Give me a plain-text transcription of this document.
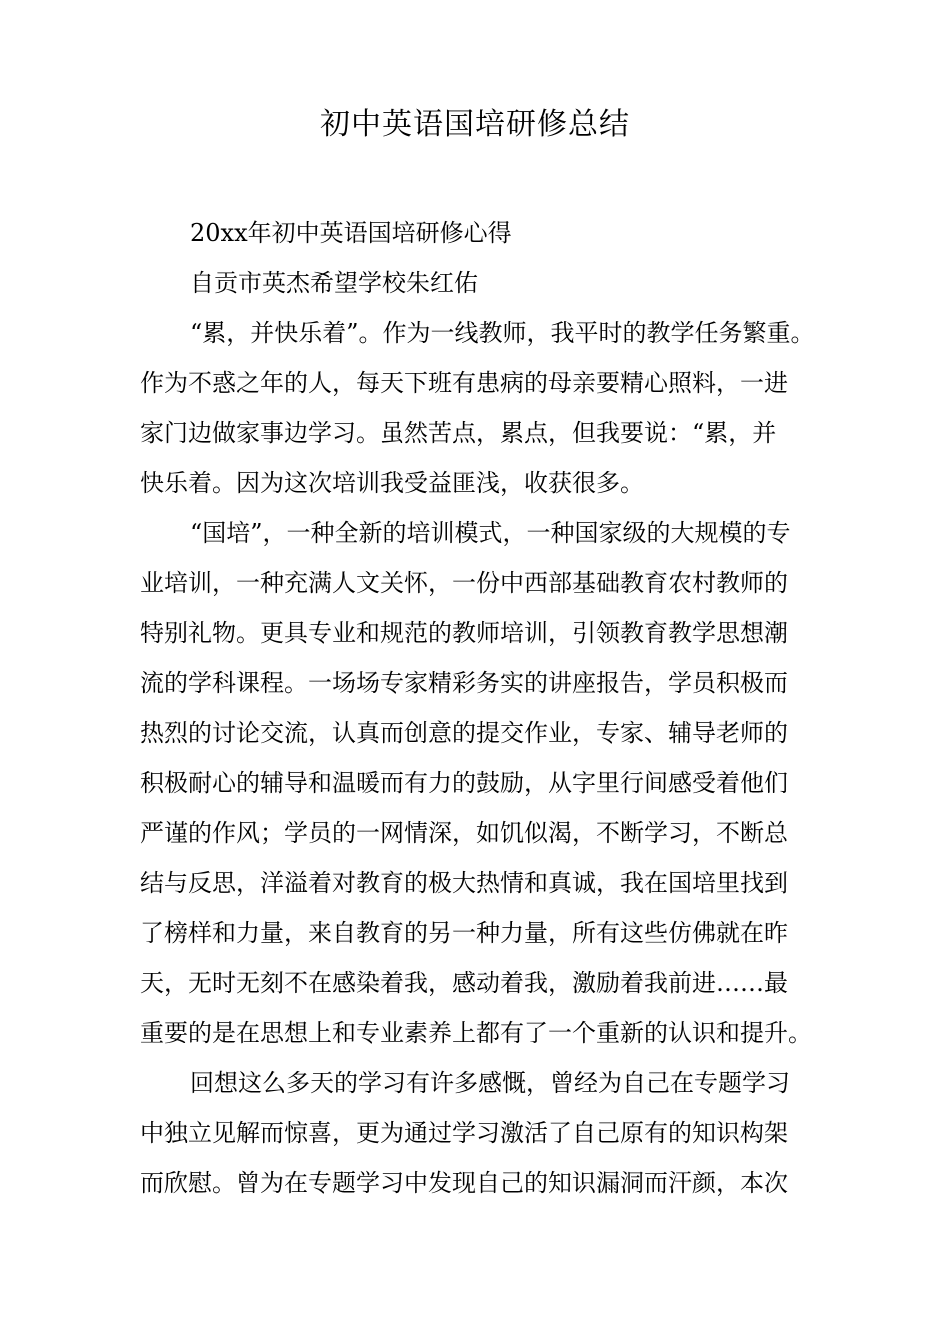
初中英语国培研修总结

20xx年初中英语国培研修心得

自贡市英杰希望学校朱红佑

“累，并快乐着”。作为一线教师，我平时的教学任务繁重。

作为不惑之年的人，每天下班有患病的母亲要精心照料，一进

家门边做家事边学习。虽然苦点，累点，但我要说：“累，并

快乐着。因为这次培训我受益匪浅，收获很多。

“国培”，一种全新的培训模式，一种国家级的大规模的专

业培训，一种充满人文关怀，一份中西部基础教育农村教师的

特别礼物。更具专业和规范的教师培训，引领教育教学思想潮

流的学科课程。一场场专家精彩务实的讲座报告，学员积极而

热烈的讨论交流，认真而创意的提交作业，专家、辅导老师的

积极耐心的辅导和温暖而有力的鼓励，从字里行间感受着他们

严谨的作风；学员的一网情深，如饥似渴，不断学习，不断总

结与反思，洋溢着对教育的极大热情和真诚，我在国培里找到

了榜样和力量，来自教育的另一种力量，所有这些仿佛就在昨

天，无时无刻不在感染着我，感动着我，激励着我前进……最

重要的是在思想上和专业素养上都有了一个重新的认识和提升。

回想这么多天的学习有许多感慨，曾经为自己在专题学习

中独立见解而惊喜，更为通过学习激活了自己原有的知识构架

而欣慰。曾为在专题学习中发现自己的知识漏洞而汗颜，本次
